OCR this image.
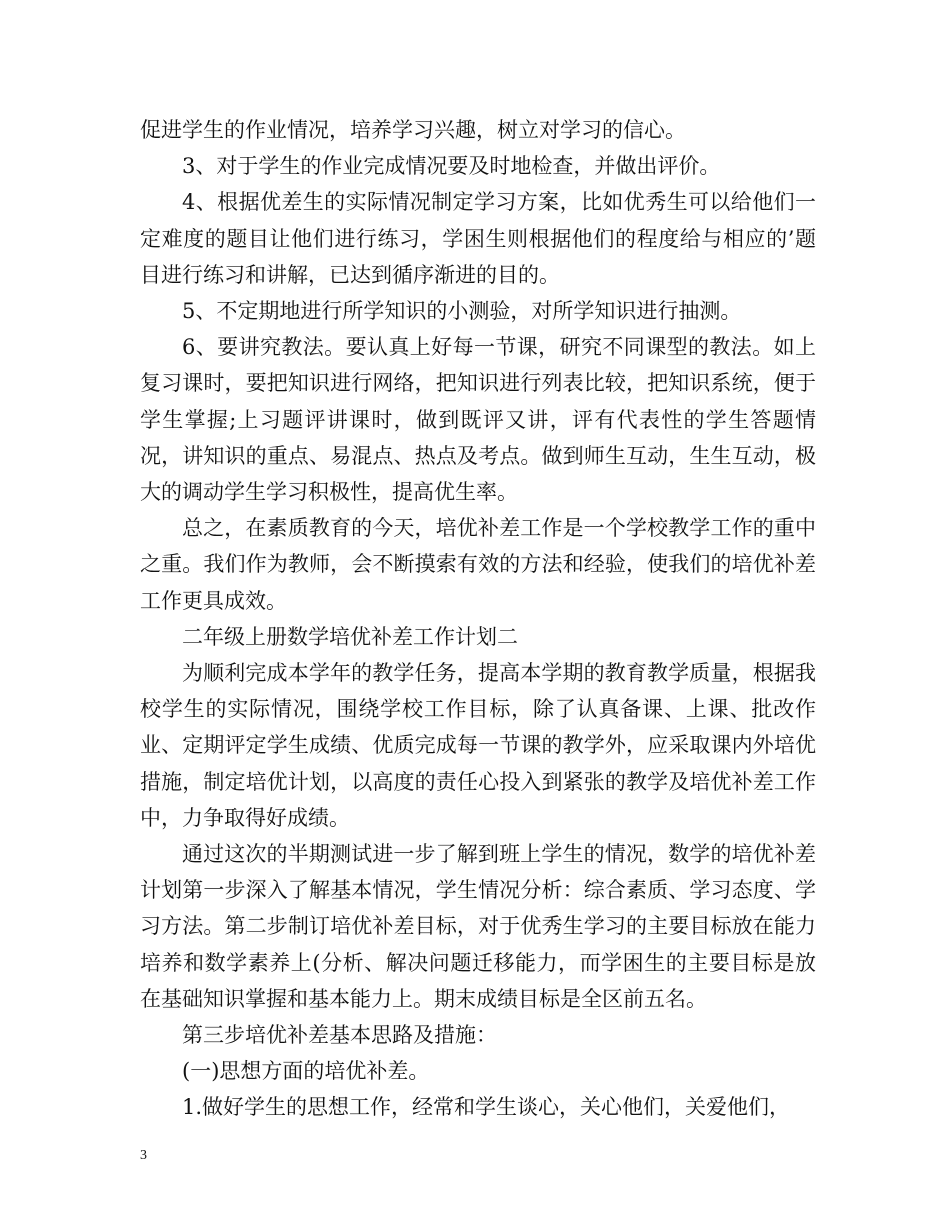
促进学生的作业情况，培养学习兴趣，树立对学习的信心。

3、对于学生的作业完成情况要及时地检查，并做出评价。

4、根据优差生的实际情况制定学习方案，比如优秀生可以给他们一定难度的题目让他们进行练习，学困生则根据他们的程度给与相应的’题目进行练习和讲解，已达到循序渐进的目的。

5、不定期地进行所学知识的小测验，对所学知识进行抽测。

6、要讲究教法。要认真上好每一节课，研究不同课型的教法。如上复习课时，要把知识进行网络，把知识进行列表比较，把知识系统，便于学生掌握;上习题评讲课时，做到既评又讲，评有代表性的学生答题情况，讲知识的重点、易混点、热点及考点。做到师生互动，生生互动，极大的调动学生学习积极性，提高优生率。

总之，在素质教育的今天，培优补差工作是一个学校教学工作的重中之重。我们作为教师，会不断摸索有效的方法和经验，使我们的培优补差工作更具成效。

二年级上册数学培优补差工作计划二

为顺利完成本学年的教学任务，提高本学期的教育教学质量，根据我校学生的实际情况，围绕学校工作目标，除了认真备课、上课、批改作业、定期评定学生成绩、优质完成每一节课的教学外，应采取课内外培优措施，制定培优计划，以高度的责任心投入到紧张的教学及培优补差工作中，力争取得好成绩。

通过这次的半期测试进一步了解到班上学生的情况，数学的培优补差计划第一步深入了解基本情况，学生情况分析：综合素质、学习态度、学习方法。第二步制订培优补差目标，对于优秀生学习的主要目标放在能力培养和数学素养上(分析、解决问题迁移能力，而学困生的主要目标是放在基础知识掌握和基本能力上。期末成绩目标是全区前五名。

第三步培优补差基本思路及措施：

(一)思想方面的培优补差。

1.做好学生的思想工作，经常和学生谈心，关心他们，关爱他们，

3
